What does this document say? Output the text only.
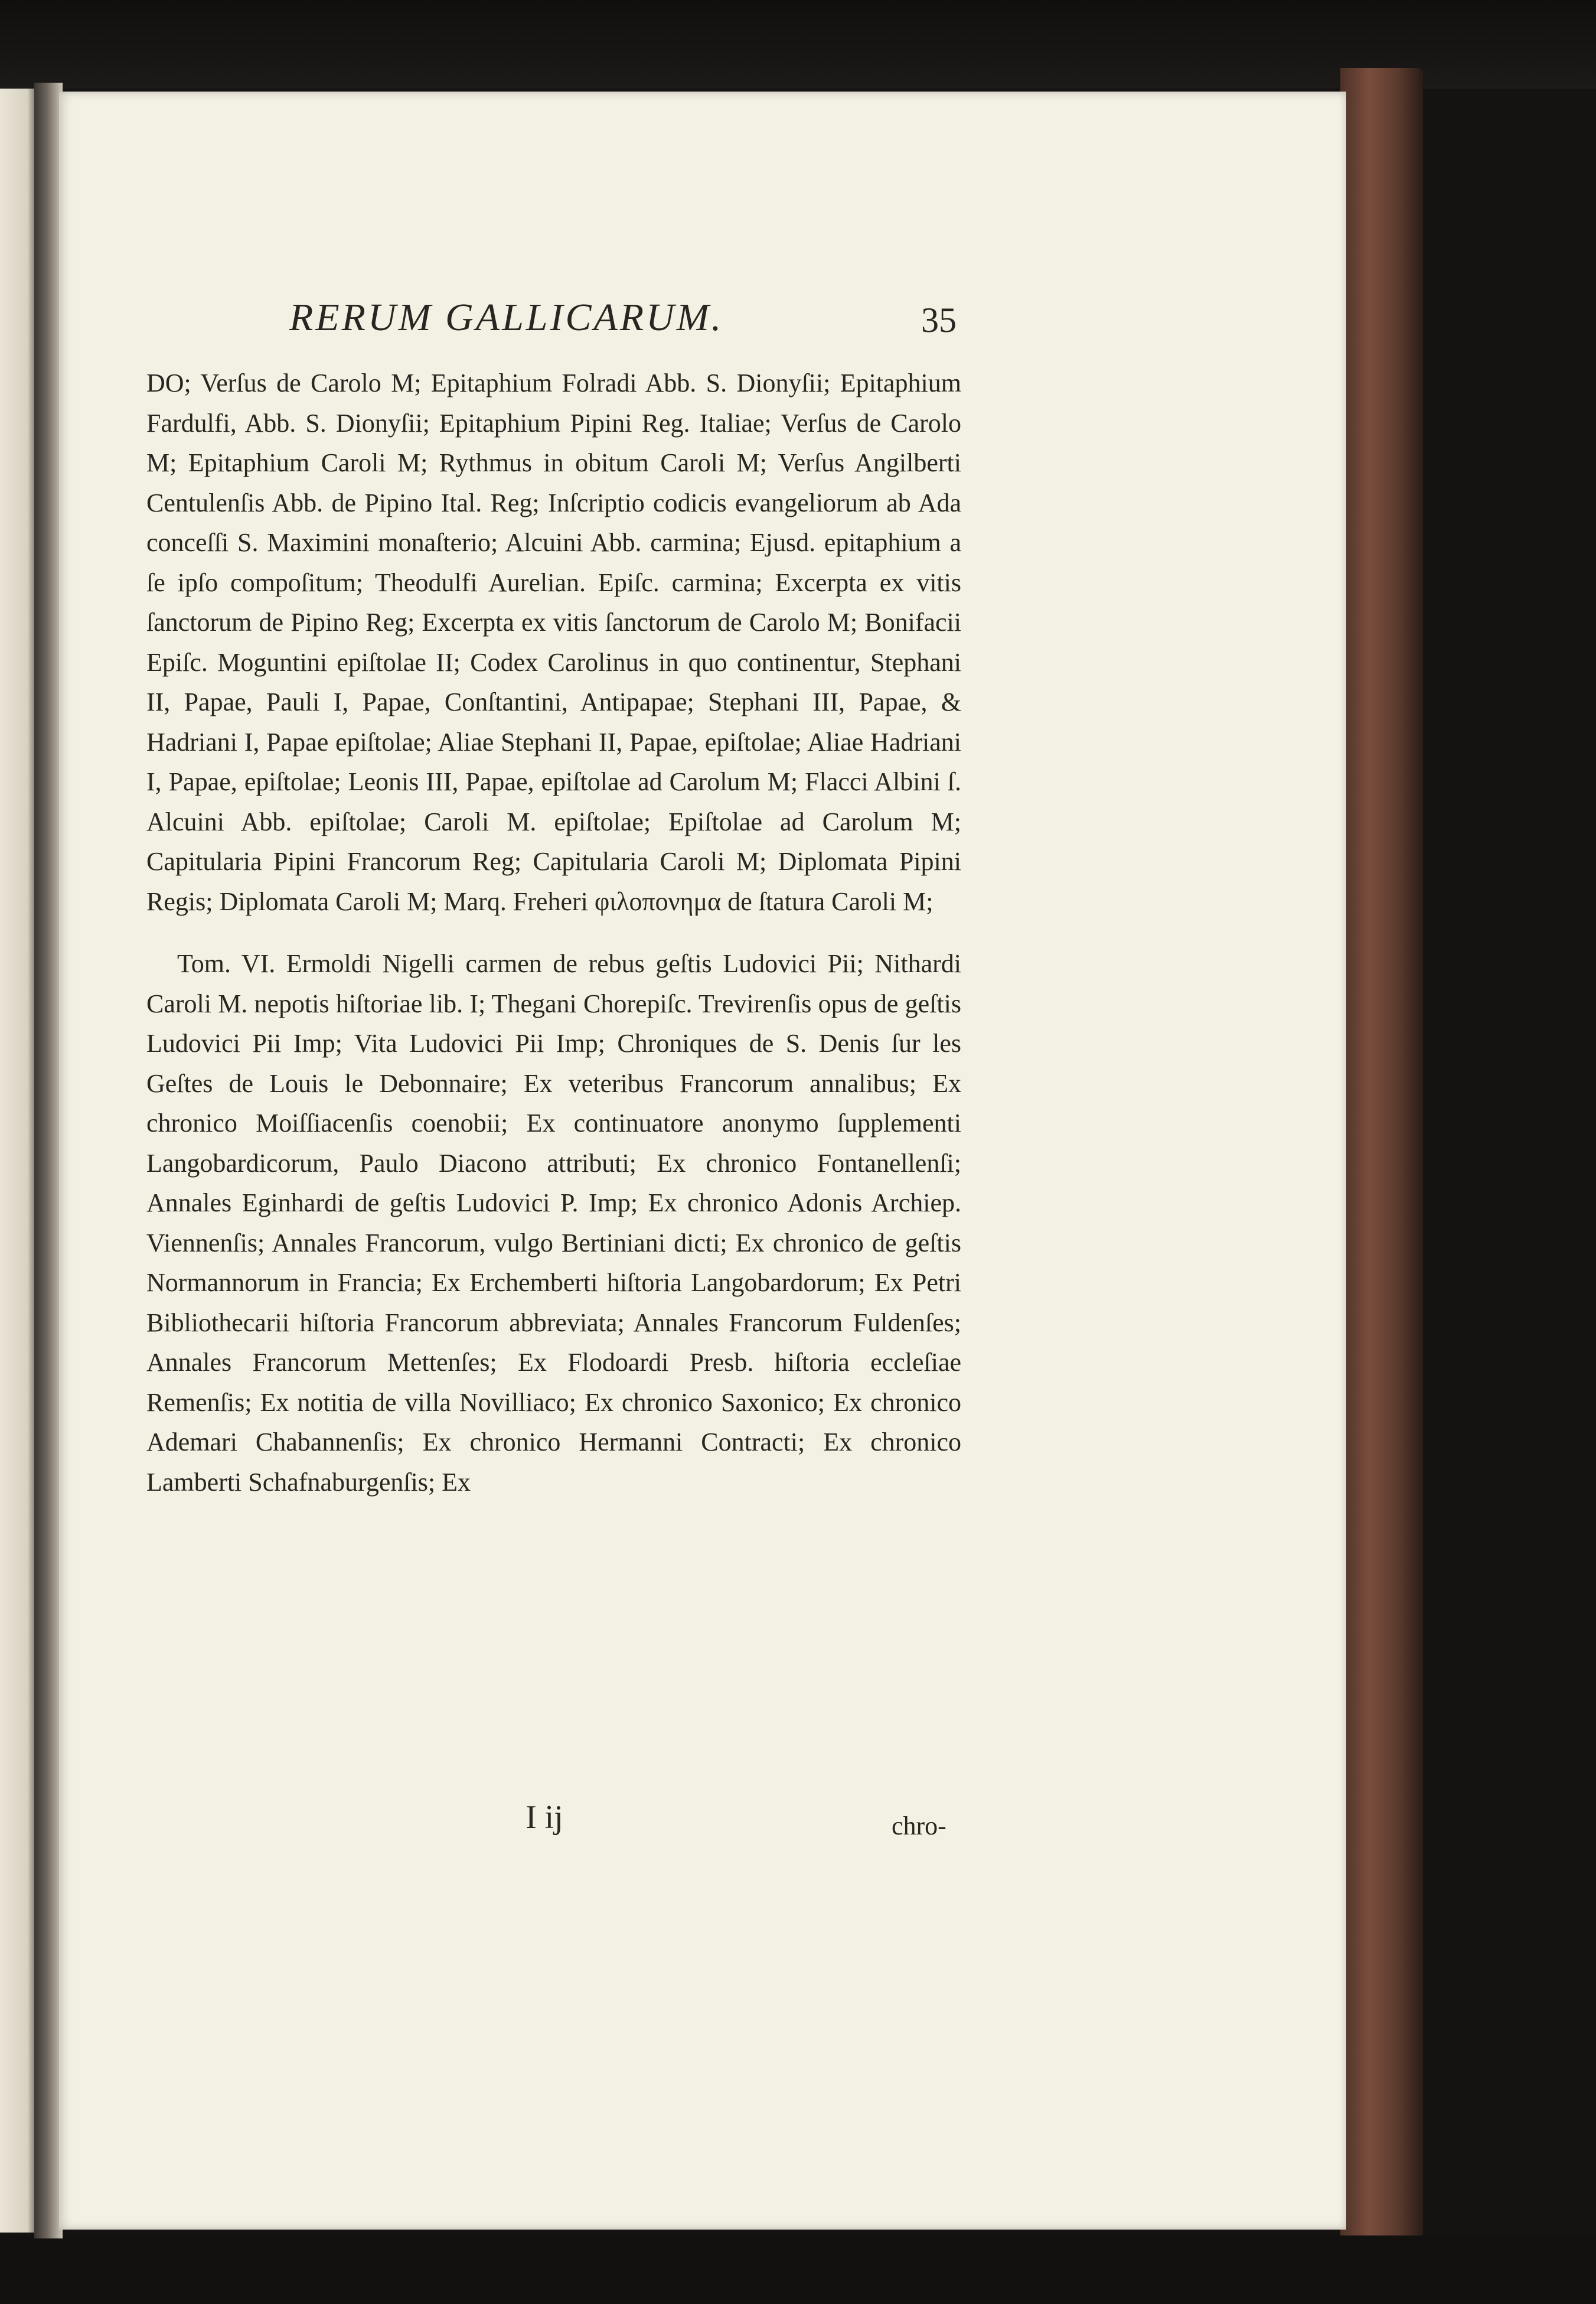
RERUM GALLICARUM.	35

DO; Verſus de Carolo M; Epitaphium Folradi Abb. S. Dionyſii; Epitaphium Fardulfi, Abb. S. Dionyſii; Epitaphium Pipini Reg. Italiae; Verſus de Carolo M; Epitaphium Caroli M; Rythmus in obitum Caroli M; Verſus Angilberti Centulenſis Abb. de Pipino Ital. Reg; Inſcriptio codicis evangeliorum ab Ada conceſſi S. Maximini monaſterio; Alcuini Abb. carmina; Ejusd. epitaphium a ſe ipſo compoſitum; Theodulfi Aurelian. Epiſc. carmina; Excerpta ex vitis ſanctorum de Pipino Reg; Excerpta ex vitis ſanctorum de Carolo M; Bonifacii Epiſc. Moguntini epiſtolae II; Codex Carolinus in quo continentur, Stephani II, Papae, Pauli I, Papae, Conſtantini, Antipapae; Stephani III, Papae, & Hadriani I, Papae epiſtolae; Aliae Stephani II, Papae, epiſtolae; Aliae Hadriani I, Papae, epiſtolae; Leonis III, Papae, epiſtolae ad Carolum M; Flacci Albini ſ. Alcuini Abb. epiſtolae; Caroli M. epiſtolae; Epiſtolae ad Carolum M; Capitularia Pipini Francorum Reg; Capitularia Caroli M; Diplomata Pipini Regis; Diplomata Caroli M; Marq. Freheri φιλοπονημα de ſtatura Caroli M;

Tom. VI. Ermoldi Nigelli carmen de rebus geſtis Ludovici Pii; Nithardi Caroli M. nepotis hiſtoriae lib. I; Thegani Chorepiſc. Trevirenſis opus de geſtis Ludovici Pii Imp; Vita Ludovici Pii Imp; Chroniques de S. Denis ſur les Geſtes de Louis le Debonnaire; Ex veteribus Francorum annalibus; Ex chronico Moiſſiacenſis coenobii; Ex continuatore anonymo ſupplementi Langobardicorum, Paulo Diacono attributi; Ex chronico Fontanellenſi; Annales Eginhardi de geſtis Ludovici P. Imp; Ex chronico Adonis Archiep. Viennenſis; Annales Francorum, vulgo Bertiniani dicti; Ex chronico de geſtis Normannorum in Francia; Ex Erchemberti hiſtoria Langobardorum; Ex Petri Bibliothecarii hiſtoria Francorum abbreviata; Annales Francorum Fuldenſes; Annales Francorum Mettenſes; Ex Flodoardi Presb. hiſtoria eccleſiae Remenſis; Ex notitia de villa Novilliaco; Ex chronico Saxonico; Ex chronico Ademari Chabannenſis; Ex chronico Hermanni Contracti; Ex chronico Lamberti Schafnaburgenſis; Ex

I ij	chro-
